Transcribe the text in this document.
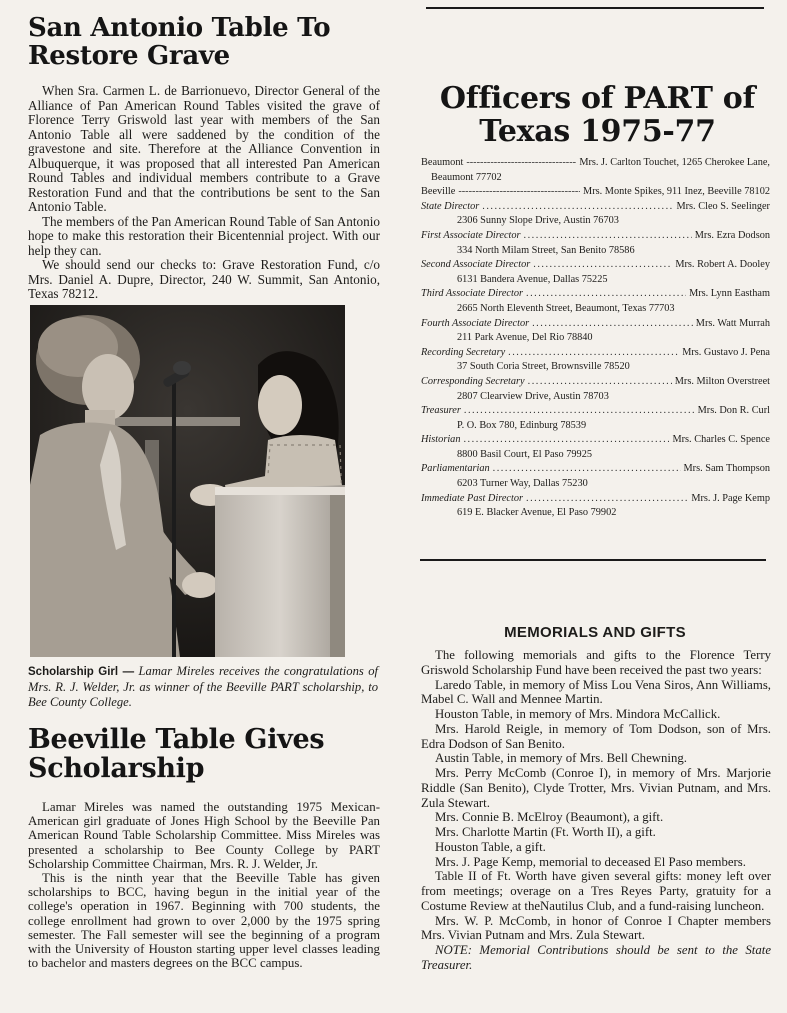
San Antonio Table To Restore Grave

When Sra. Carmen L. de Barrionuevo, Director General of the Alliance of Pan American Round Tables visited the grave of Florence Terry Griswold last year with members of the San Antonio Table all were saddened by the condition of the gravestone and site. Therefore at the Alliance Convention in Albuquerque, it was proposed that all interested Pan American Round Tables and individual members contribute to a Grave Restoration Fund and that the contributions be sent to the San Antonio Table.

The members of the Pan American Round Table of San Antonio hope to make this restoration their Bicentennial project. With our help they can.

We should send our checks to: Grave Restoration Fund, c/o Mrs. Daniel A. Dupre, Director, 240 W. Summit, San Antonio, Texas 78212.

Scholarship Girl — Lamar Mireles receives the congratulations of Mrs. R. J. Welder, Jr. as winner of the Beeville PART scholarship, to Bee County College.
Beeville Table Gives Scholarship

Lamar Mireles was named the outstanding 1975 Mexican-American girl graduate of Jones High School by the Beeville Pan American Round Table Scholarship Committee. Miss Mireles was presented a scholarship to Bee County College by PART Scholarship Committee Chairman, Mrs. R. J. Welder, Jr.

This is the ninth year that the Beeville Table has given scholarships to BCC, having begun in the initial year of the college's operation in 1967. Beginning with 700 students, the college enrollment had grown to over 2,000 by the 1975 spring semester. The Fall semester will see the beginning of a program with the University of Houston starting upper level classes leading to bachelor and masters degrees on the BCC campus.

Officers of PART of Texas 1975-77
Beaumont -----	Mrs. J. Carlton Touchet, 1265 Cherokee Lane,
Beaumont 77702
Beeville -----	Mrs. Monte Spikes, 911 Inez, Beeville 78102
State Director .....	Mrs. Cleo S. Seelinger
2306 Sunny Slope Drive, Austin 76703
First Associate Director .....	Mrs. Ezra Dodson
334 North Milam Street, San Benito 78586
Second Associate Director .....	Mrs. Robert A. Dooley
6131 Bandera Avenue, Dallas 75225
Third Associate Director .....	Mrs. Lynn Eastham
2665 North Eleventh Street, Beaumont, Texas 77703
Fourth Associate Director .....	Mrs. Watt Murrah
211 Park Avenue, Del Rio 78840
Recording Secretary .....	Mrs. Gustavo J. Pena
37 South Coria Street, Brownsville 78520
Corresponding Secretary .....	Mrs. Milton Overstreet
2807 Clearview Drive, Austin 78703
Treasurer .....	Mrs. Don R. Curl
P. O. Box 780, Edinburg 78539
Historian .....	Mrs. Charles C. Spence
8800 Basil Court, El Paso 79925
Parliamentarian .....	Mrs. Sam Thompson
6203 Turner Way, Dallas 75230
Immediate Past Director .....	Mrs. J. Page Kemp
619 E. Blacker Avenue, El Paso 79902
MEMORIALS AND GIFTS

The following memorials and gifts to the Florence Terry Griswold Scholarship Fund have been received the past two years:

Laredo Table, in memory of Miss Lou Vena Siros, Ann Williams, Mabel C. Wall and Mennee Martin.

Houston Table, in memory of Mrs. Mindora McCallick.

Mrs. Harold Reigle, in memory of Tom Dodson, son of Mrs. Edra Dodson of San Benito.

Austin Table, in memory of Mrs. Bell Chewning.

Mrs. Perry McComb (Conroe I), in memory of Mrs. Marjorie Riddle (San Benito), Clyde Trotter, Mrs. Vivian Putnam, and Mrs. Zula Stewart.

Mrs. Connie B. McElroy (Beaumont), a gift.

Mrs. Charlotte Martin (Ft. Worth II), a gift.

Houston Table, a gift.

Mrs. J. Page Kemp, memorial to deceased El Paso members.

Table II of Ft. Worth have given several gifts: money left over from meetings; overage on a Tres Reyes Party, gratuity for a Costume Review at theNautilus Club, and a fund-raising luncheon.

Mrs. W. P. McComb, in honor of Conroe I Chapter members Mrs. Vivian Putnam and Mrs. Zula Stewart.

NOTE: Memorial Contributions should be sent to the State Treasurer.
